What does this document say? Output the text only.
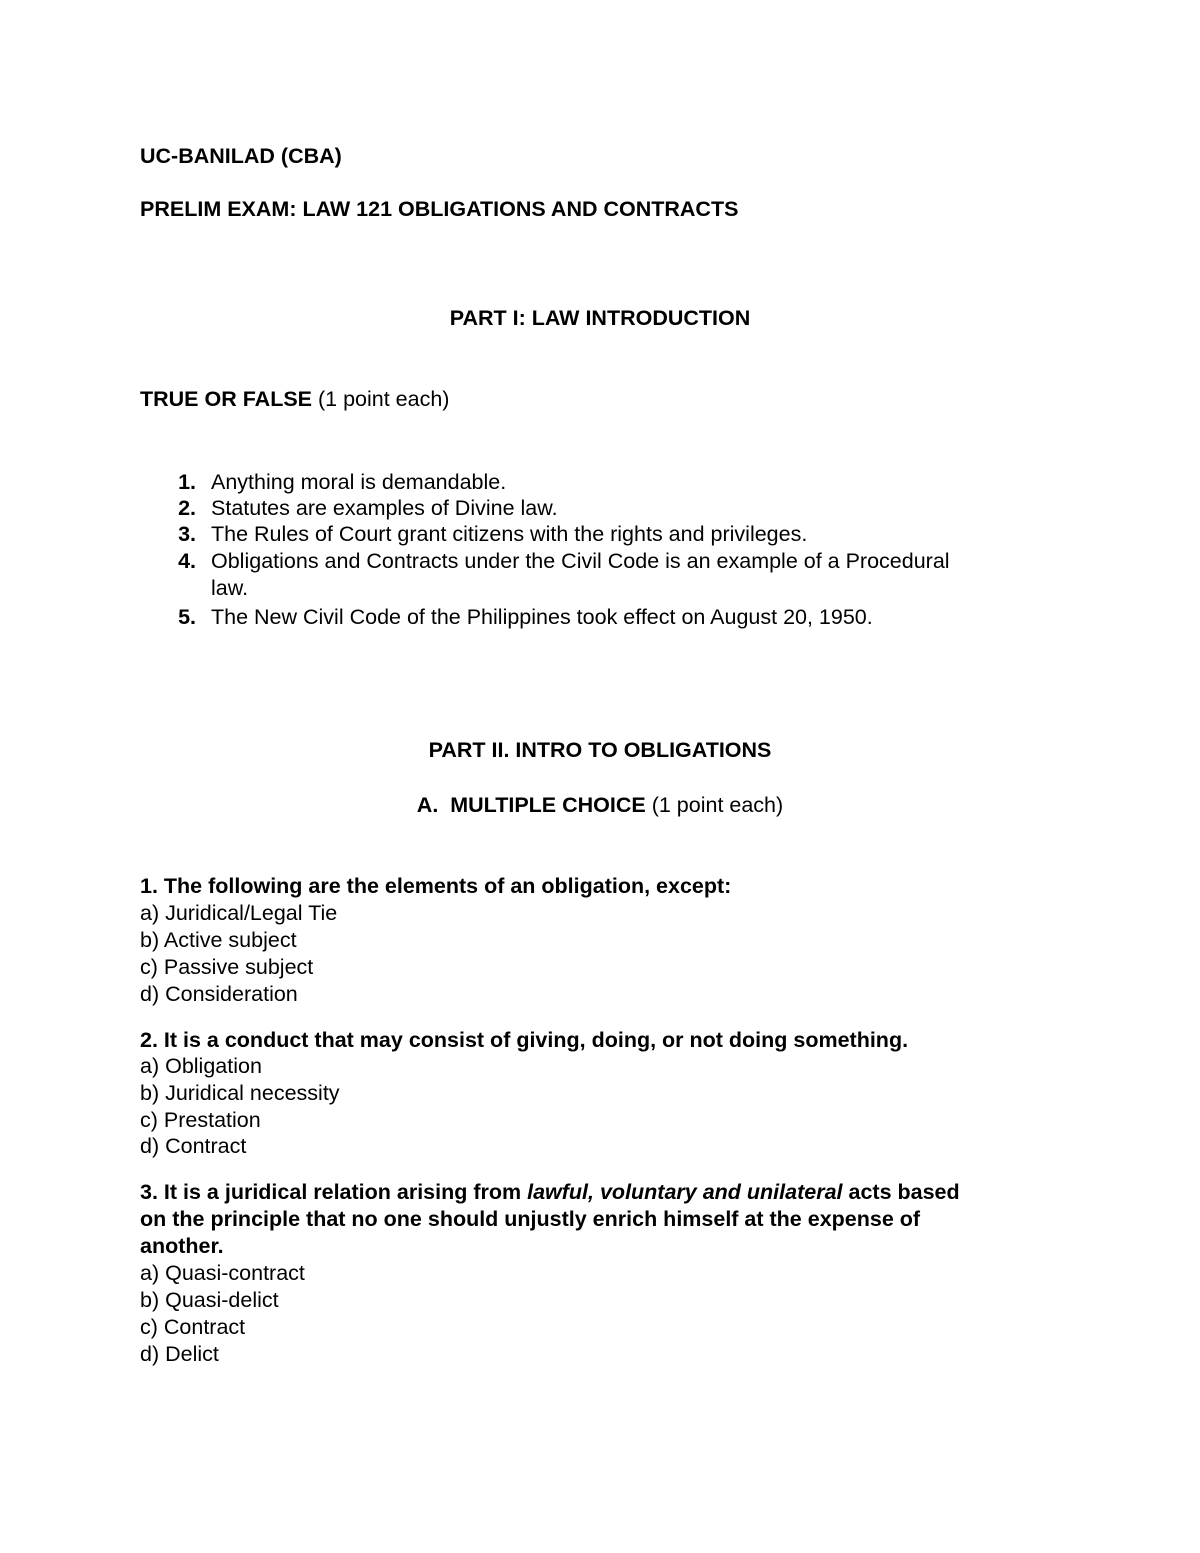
UC-BANILAD (CBA)
PRELIM EXAM: LAW 121 OBLIGATIONS AND CONTRACTS
PART I: LAW INTRODUCTION
TRUE OR FALSE (1 point each)
1. Anything moral is demandable.
2. Statutes are examples of Divine law.
3. The Rules of Court grant citizens with the rights and privileges.
4. Obligations and Contracts under the Civil Code is an example of a Procedural
law.
5. The New Civil Code of the Philippines took effect on August 20, 1950.
PART II. INTRO TO OBLIGATIONS
A. MULTIPLE CHOICE (1 point each)
1. The following are the elements of an obligation, except:
a) Juridical/Legal Tie
b) Active subject
c) Passive subject
d) Consideration
2. It is a conduct that may consist of giving, doing, or not doing something.
a) Obligation
b) Juridical necessity
c) Prestation
d) Contract
3. It is a juridical relation arising from lawful, voluntary and unilateral acts based
on the principle that no one should unjustly enrich himself at the expense of
another.
a) Quasi-contract
b) Quasi-delict
c) Contract
d) Delict
